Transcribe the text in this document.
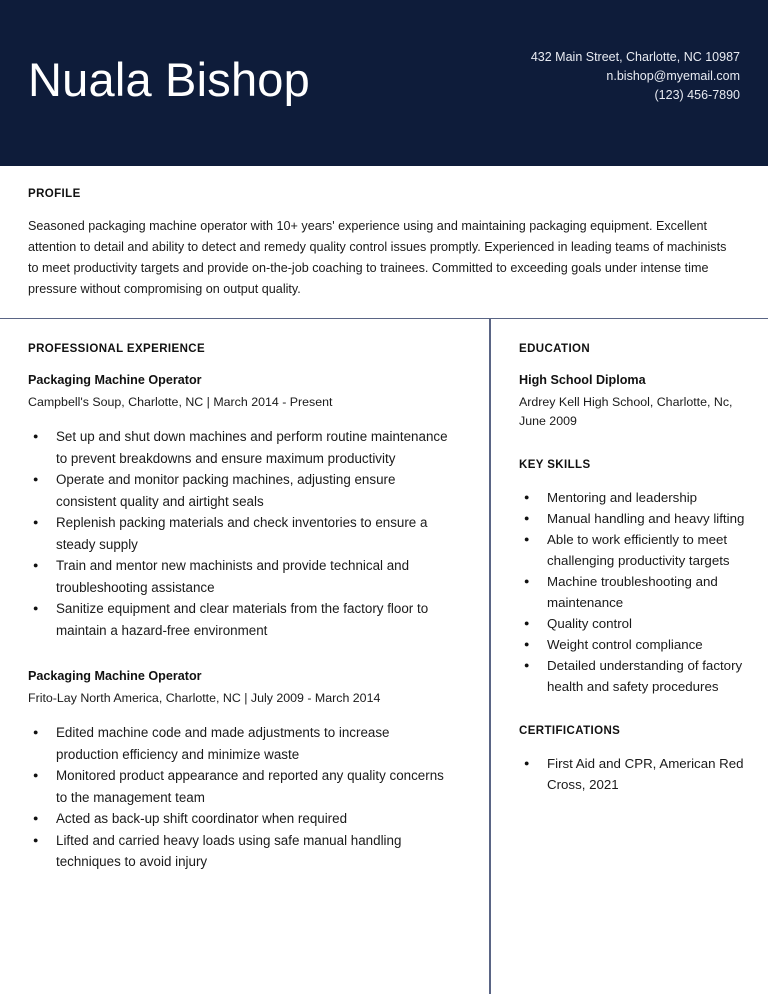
Nuala Bishop	432 Main Street, Charlotte, NC 10987
n.bishop@myemail.com
(123) 456-7890
PROFILE

Seasoned packaging machine operator with 10+ years' experience using and maintaining packaging equipment. Excellent attention to detail and ability to detect and remedy quality control issues promptly. Experienced in leading teams of machinists to meet productivity targets and provide on-the-job coaching to trainees. Committed to exceeding goals under intense time pressure without compromising on output quality.

PROFESSIONAL EXPERIENCE
Packaging Machine Operator

Campbell's Soup, Charlotte, NC | March 2014 - Present

● Set up and shut down machines and perform routine maintenance to prevent breakdowns and ensure maximum productivity
● Operate and monitor packing machines, adjusting ensure consistent quality and airtight seals
● Replenish packing materials and check inventories to ensure a steady supply
● Train and mentor new machinists and provide technical and troubleshooting assistance
● Sanitize equipment and clear materials from the factory floor to maintain a hazard-free environment
Packaging Machine Operator

Frito-Lay North America, Charlotte, NC | July 2009 - March 2014

● Edited machine code and made adjustments to increase production efficiency and minimize waste
● Monitored product appearance and reported any quality concerns to the management team
● Acted as back-up shift coordinator when required
● Lifted and carried heavy loads using safe manual handling techniques to avoid injury
EDUCATION
High School Diploma

Ardrey Kell High School, Charlotte, Nc, June 2009

KEY SKILLS
● Mentoring and leadership
● Manual handling and heavy lifting
● Able to work efficiently to meet challenging productivity targets
● Machine troubleshooting and maintenance
● Quality control
● Weight control compliance
● Detailed understanding of factory health and safety procedures
CERTIFICATIONS
● First Aid and CPR, American Red Cross, 2021
